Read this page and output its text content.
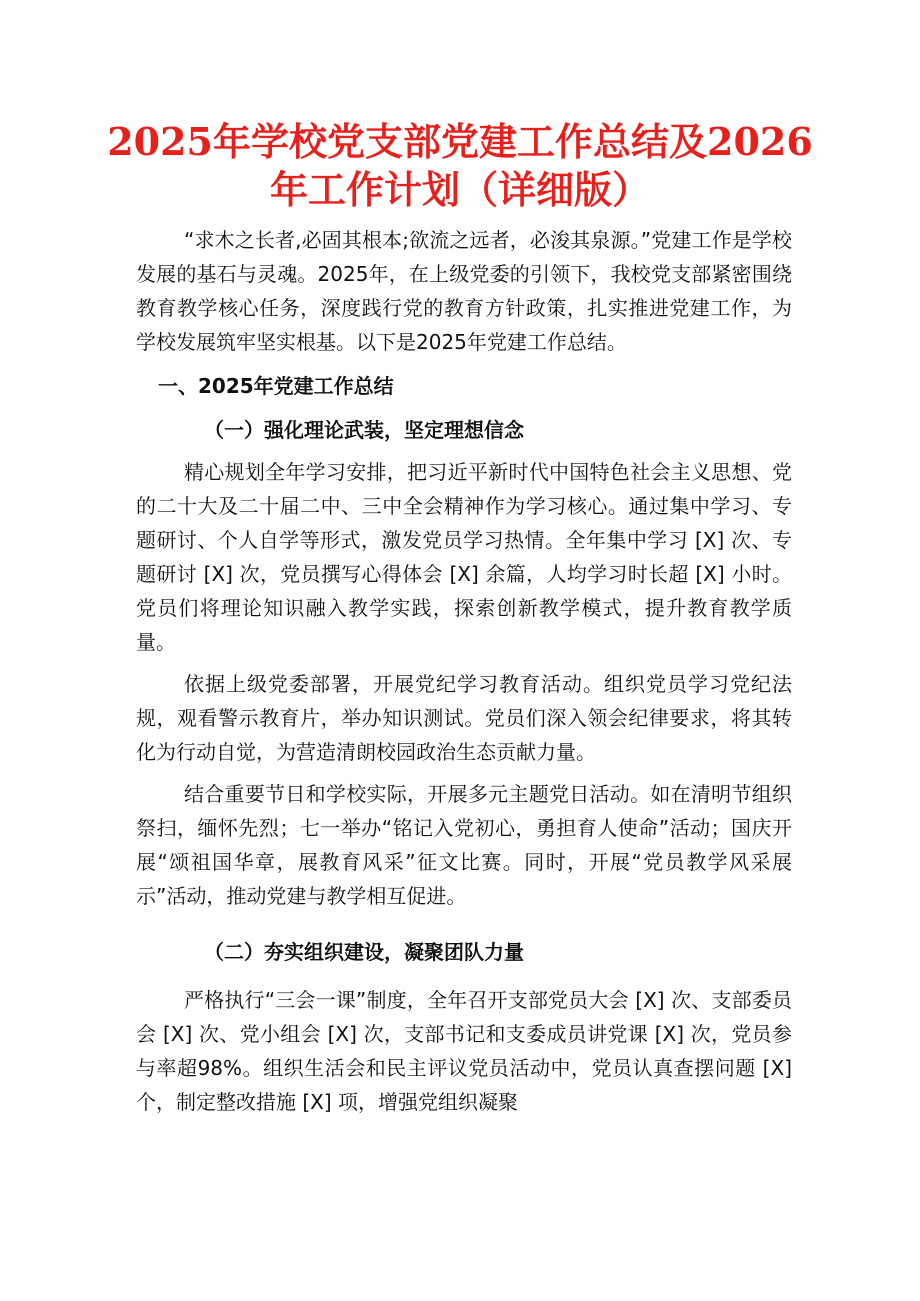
2025年学校党支部党建工作总结及2026
年工作计划（详细版）

“求木之长者,必固其根本;欲流之远者，必浚其泉源。”党建工作是学校发展的基石与灵魂。2025年，在上级党委的引领下，我校党支部紧密围绕教育教学核心任务，深度践行党的教育方针政策，扎实推进党建工作，为学校发展筑牢坚实根基。以下是2025年党建工作总结。

一、2025年党建工作总结

（一）强化理论武装，坚定理想信念

精心规划全年学习安排，把习近平新时代中国特色社会主义思想、党的二十大及二十届二中、三中全会精神作为学习核心。通过集中学习、专题研讨、个人自学等形式，激发党员学习热情。全年集中学习 [X] 次、专题研讨 [X] 次，党员撰写心得体会 [X] 余篇，人均学习时长超 [X] 小时。党员们将理论知识融入教学实践，探索创新教学模式，提升教育教学质量。

依据上级党委部署，开展党纪学习教育活动。组织党员学习党纪法规，观看警示教育片，举办知识测试。党员们深入领会纪律要求，将其转化为行动自觉，为营造清朗校园政治生态贡献力量。

结合重要节日和学校实际，开展多元主题党日活动。如在清明节组织祭扫，缅怀先烈；七一举办“铭记入党初心，勇担育人使命”活动；国庆开展“颂祖国华章，展教育风采”征文比赛。同时，开展“党员教学风采展示”活动，推动党建与教学相互促进。

（二）夯实组织建设，凝聚团队力量

严格执行“三会一课”制度，全年召开支部党员大会 [X] 次、支部委员会 [X] 次、党小组会 [X] 次，支部书记和支委成员讲党课 [X] 次，党员参与率超98%。组织生活会和民主评议党员活动中，党员认真查摆问题 [X] 个，制定整改措施 [X] 项，增强党组织凝聚
